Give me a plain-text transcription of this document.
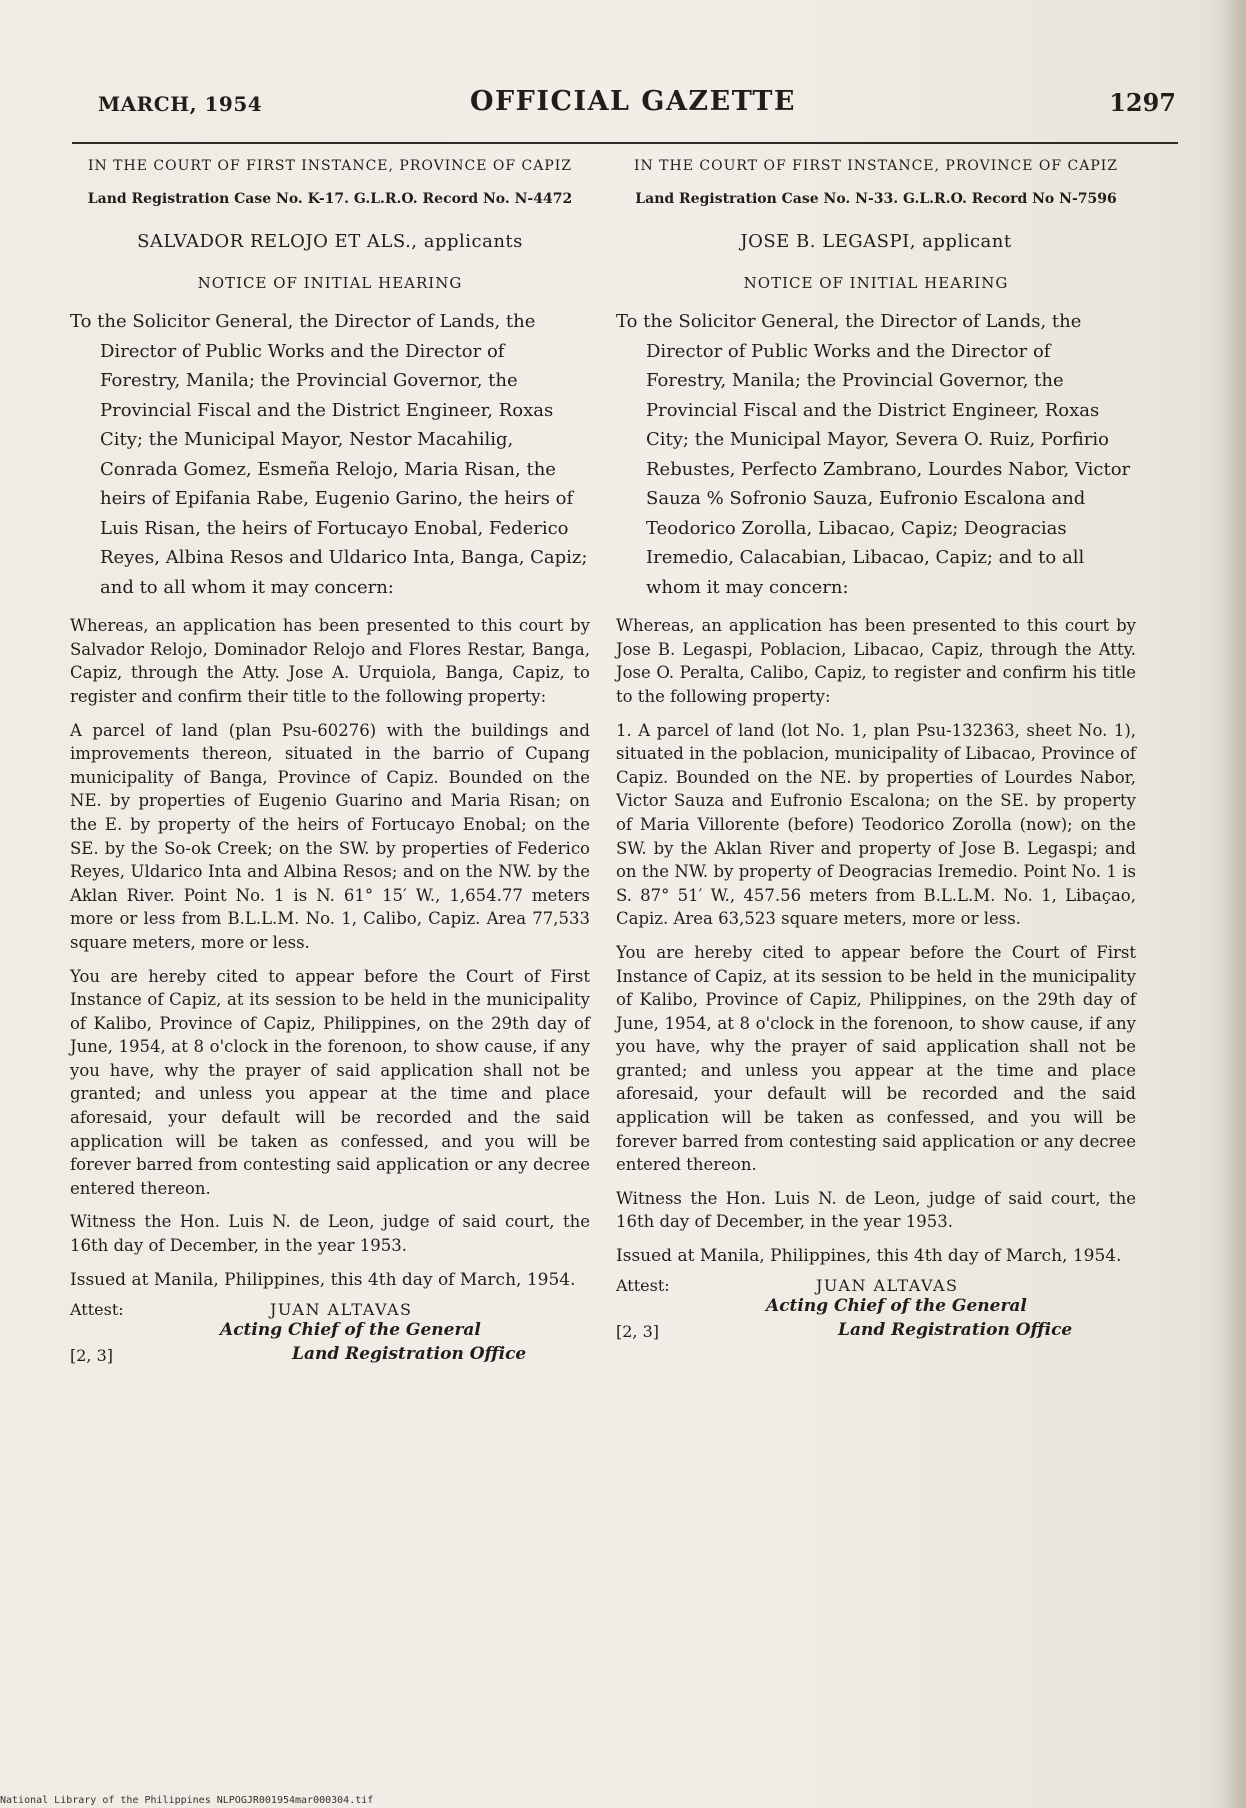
MARCH, 1954	OFFICIAL GAZETTE	1297
IN THE COURT OF FIRST INSTANCE, PROVINCE OF CAPIZ
Land Registration Case No. K-17. G.L.R.O. Record No. N-4472
SALVADOR RELOJO ET ALS., applicants
NOTICE OF INITIAL HEARING

To the Solicitor General, the Director of Lands, the Director of Public Works and the Director of Forestry, Manila; the Provincial Governor, the Provincial Fiscal and the District Engineer, Roxas City; the Municipal Mayor, Nestor Macahilig, Conrada Gomez, Esmeña Relojo, Maria Risan, the heirs of Epifania Rabe, Eugenio Garino, the heirs of Luis Risan, the heirs of Fortucayo Enobal, Federico Reyes, Albina Resos and Uldarico Inta, Banga, Capiz; and to all whom it may concern:

Whereas, an application has been presented to this court by Salvador Relojo, Dominador Relojo and Flores Restar, Banga, Capiz, through the Atty. Jose A. Urquiola, Banga, Capiz, to register and confirm their title to the following property:

A parcel of land (plan Psu-60276) with the buildings and improvements thereon, situated in the barrio of Cupang municipality of Banga, Province of Capiz. Bounded on the NE. by properties of Eugenio Guarino and Maria Risan; on the E. by property of the heirs of Fortucayo Enobal; on the SE. by the So-ok Creek; on the SW. by properties of Federico Reyes, Uldarico Inta and Albina Resos; and on the NW. by the Aklan River. Point No. 1 is N. 61° 15′ W., 1,654.77 meters more or less from B.L.L.M. No. 1, Calibo, Capiz. Area 77,533 square meters, more or less.

You are hereby cited to appear before the Court of First Instance of Capiz, at its session to be held in the municipality of Kalibo, Province of Capiz, Philippines, on the 29th day of June, 1954, at 8 o'clock in the forenoon, to show cause, if any you have, why the prayer of said application shall not be granted; and unless you appear at the time and place aforesaid, your default will be recorded and the said application will be taken as confessed, and you will be forever barred from contesting said application or any decree entered thereon.

Witness the Hon. Luis N. de Leon, judge of said court, the 16th day of December, in the year 1953.

Issued at Manila, Philippines, this 4th day of March, 1954.

Attest:	JUAN ALTAVAS
Acting Chief of the General
Land Registration Office
[2, 3]
IN THE COURT OF FIRST INSTANCE, PROVINCE OF CAPIZ
Land Registration Case No. N-33. G.L.R.O. Record No N-7596
JOSE B. LEGASPI, applicant
NOTICE OF INITIAL HEARING

To the Solicitor General, the Director of Lands, the Director of Public Works and the Director of Forestry, Manila; the Provincial Governor, the Provincial Fiscal and the District Engineer, Roxas City; the Municipal Mayor, Severa O. Ruiz, Porfirio Rebustes, Perfecto Zambrano, Lourdes Nabor, Victor Sauza % Sofronio Sauza, Eufronio Escalona and Teodorico Zorolla, Libacao, Capiz; Deogracias Iremedio, Calacabian, Libacao, Capiz; and to all whom it may concern:

Whereas, an application has been presented to this court by Jose B. Legaspi, Poblacion, Libacao, Capiz, through the Atty. Jose O. Peralta, Calibo, Capiz, to register and confirm his title to the following property:

1. A parcel of land (lot No. 1, plan Psu-132363, sheet No. 1), situated in the poblacion, municipality of Libacao, Province of Capiz. Bounded on the NE. by properties of Lourdes Nabor, Victor Sauza and Eufronio Escalona; on the SE. by property of Maria Villorente (before) Teodorico Zorolla (now); on the SW. by the Aklan River and property of Jose B. Legaspi; and on the NW. by property of Deogracias Iremedio. Point No. 1 is S. 87° 51′ W., 457.56 meters from B.L.L.M. No. 1, Libaçao, Capiz. Area 63,523 square meters, more or less.

You are hereby cited to appear before the Court of First Instance of Capiz, at its session to be held in the municipality of Kalibo, Province of Capiz, Philippines, on the 29th day of June, 1954, at 8 o'clock in the forenoon, to show cause, if any you have, why the prayer of said application shall not be granted; and unless you appear at the time and place aforesaid, your default will be recorded and the said application will be taken as confessed, and you will be forever barred from contesting said application or any decree entered thereon.

Witness the Hon. Luis N. de Leon, judge of said court, the 16th day of December, in the year 1953.

Issued at Manila, Philippines, this 4th day of March, 1954.

Attest:	JUAN ALTAVAS
Acting Chief of the General
Land Registration Office
[2, 3]
National Library of the Philippines NLPOGJR001954mar000304.tif
